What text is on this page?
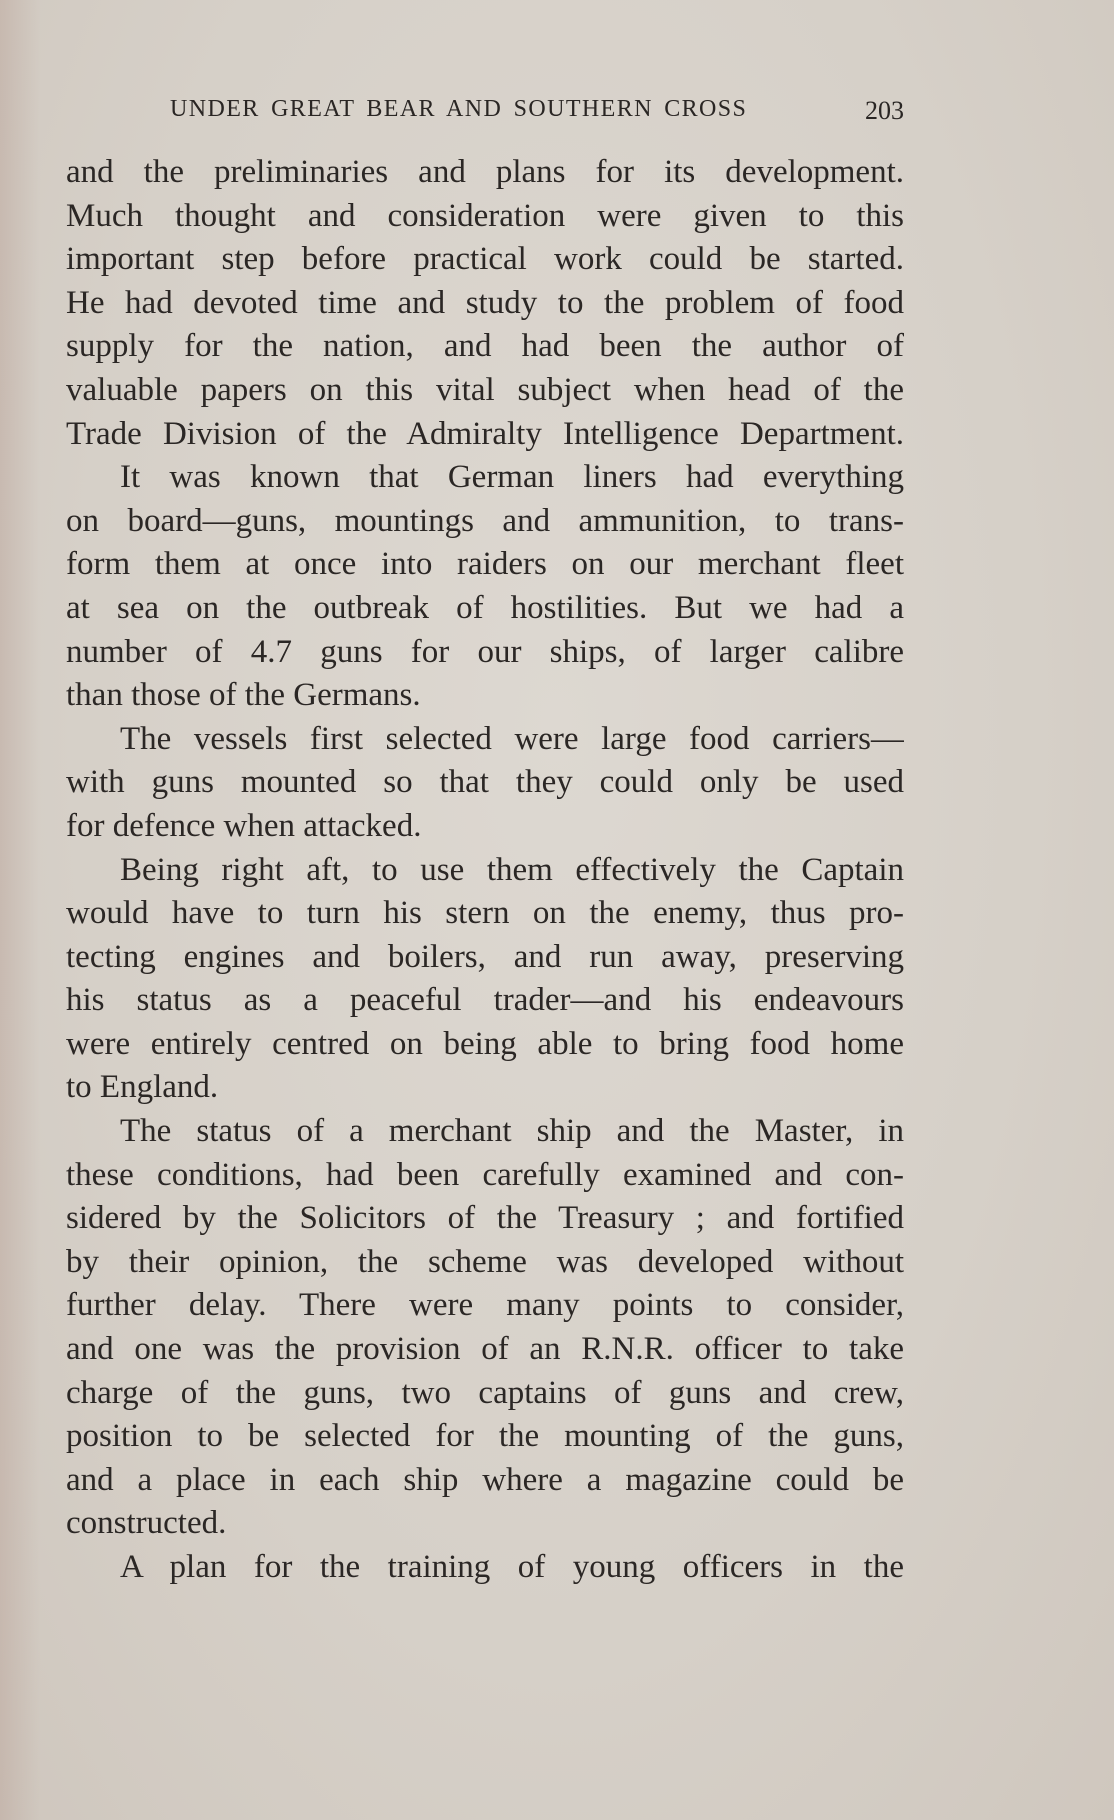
UNDER GREAT BEAR AND SOUTHERN CROSS	203
and the preliminaries and plans for its development.
Much thought and consideration were given to this
important step before practical work could be started.
He had devoted time and study to the problem of food
supply for the nation, and had been the author of
valuable papers on this vital subject when head of the
Trade Division of the Admiralty Intelligence Department.
It was known that German liners had everything
on board—guns, mountings and ammunition, to trans-
form them at once into raiders on our merchant fleet
at sea on the outbreak of hostilities. But we had a
number of 4.7 guns for our ships, of larger calibre
than those of the Germans.
The vessels first selected were large food carriers—
with guns mounted so that they could only be used
for defence when attacked.
Being right aft, to use them effectively the Captain
would have to turn his stern on the enemy, thus pro-
tecting engines and boilers, and run away, preserving
his status as a peaceful trader—and his endeavours
were entirely centred on being able to bring food home
to England.
The status of a merchant ship and the Master, in
these conditions, had been carefully examined and con-
sidered by the Solicitors of the Treasury ; and fortified
by their opinion, the scheme was developed without
further delay. There were many points to consider,
and one was the provision of an R.N.R. officer to take
charge of the guns, two captains of guns and crew,
position to be selected for the mounting of the guns,
and a place in each ship where a magazine could be
constructed.
A plan for the training of young officers in the
